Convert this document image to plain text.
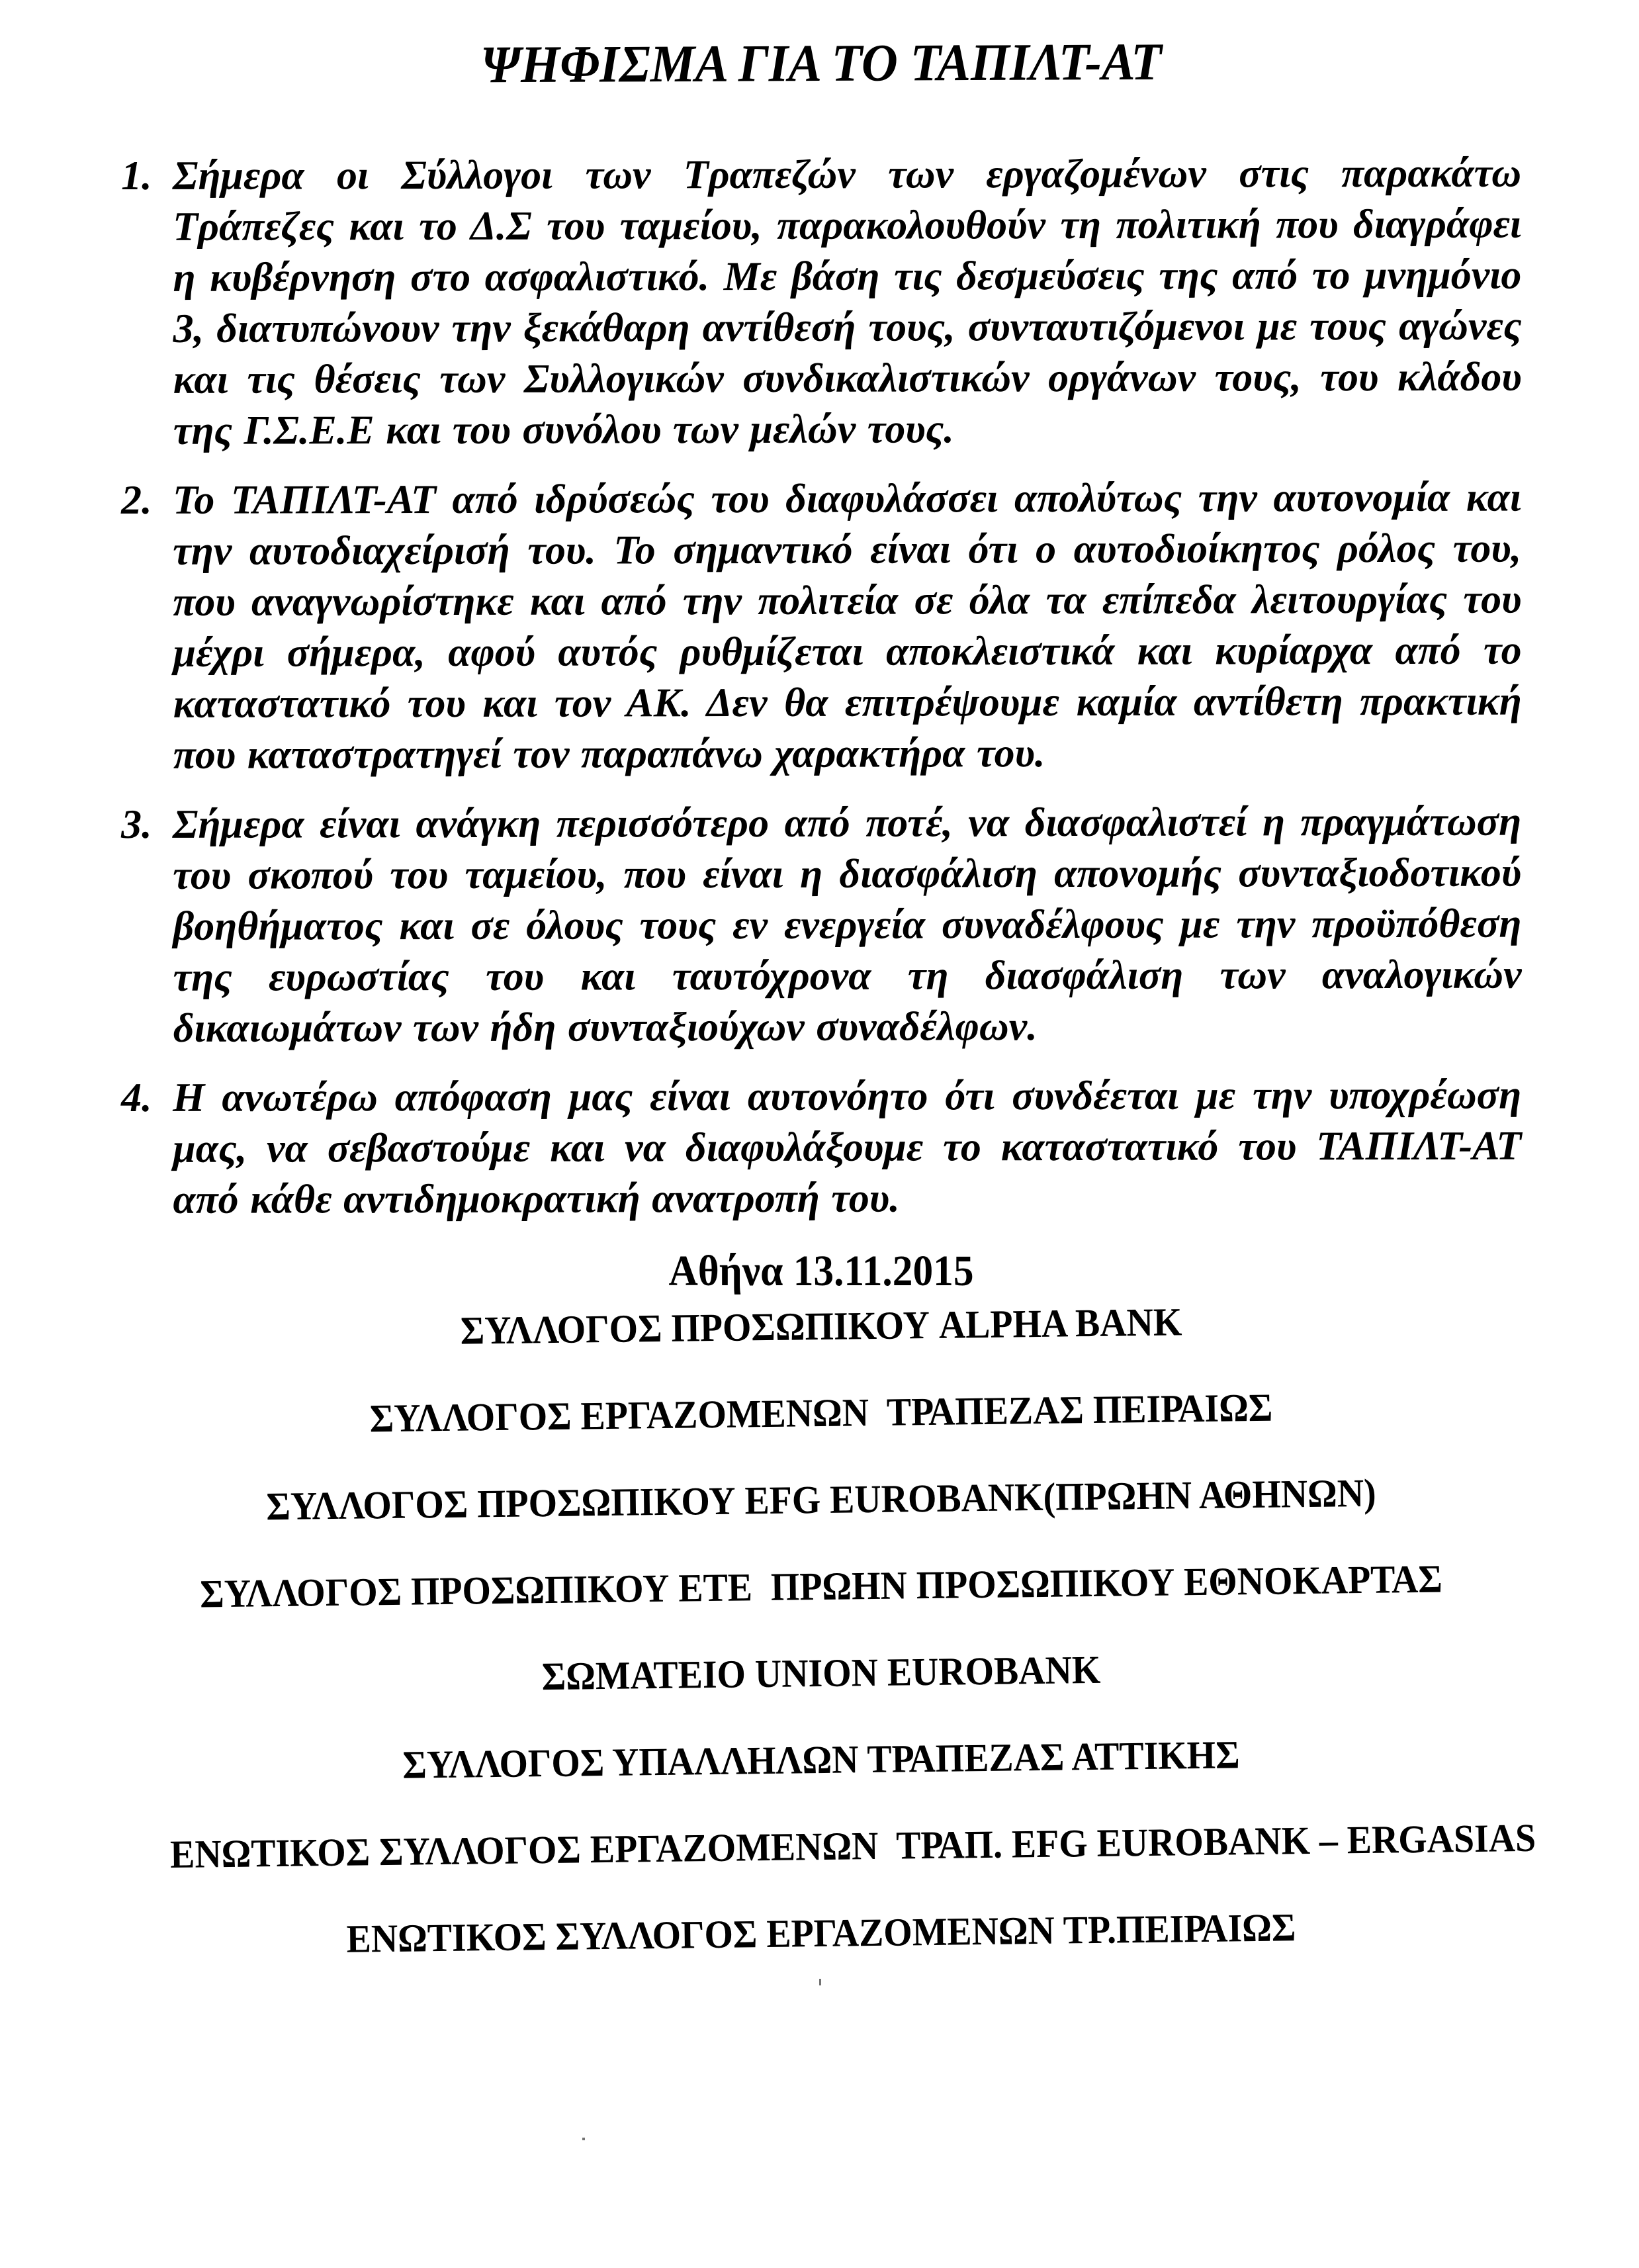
ΨΗΦΙΣΜΑ ΓΙΑ ΤΟ ΤΑΠΙΛΤ-ΑΤ
1. Σήμερα οι Σύλλογοι των Τραπεζών των εργαζομένων στις παρακάτω Τράπεζες και το Δ.Σ του ταμείου, παρακολουθούν τη πολιτική που διαγράφει η κυβέρνηση στο ασφαλιστικό. Με βάση τις δεσμεύσεις της από το μνημόνιο 3, διατυπώνουν την ξεκάθαρη αντίθεσή τους, συνταυτιζόμενοι με τους αγώνες και τις θέσεις των Συλλογικών συνδικαλιστικών οργάνων τους, του κλάδου της Γ.Σ.Ε.Ε και του συνόλου των μελών τους.
2. Το ΤΑΠΙΛΤ-ΑΤ από ιδρύσεώς του διαφυλάσσει απολύτως την αυτονομία και την αυτοδιαχείρισή του. Το σημαντικό είναι ότι ο αυτοδιοίκητος ρόλος του, που αναγνωρίστηκε και από την πολιτεία σε όλα τα επίπεδα λειτουργίας του μέχρι σήμερα, αφού αυτός ρυθμίζεται αποκλειστικά και κυρίαρχα από το καταστατικό του και τον ΑΚ. Δεν θα επιτρέψουμε καμία αντίθετη πρακτική που καταστρατηγεί τον παραπάνω χαρακτήρα του.
3. Σήμερα είναι ανάγκη περισσότερο από ποτέ, να διασφαλιστεί η πραγμάτωση του σκοπού του ταμείου, που είναι η διασφάλιση απονομής συνταξιοδοτικού βοηθήματος και σε όλους τους εν ενεργεία συναδέλφους με την προϋπόθεση της ευρωστίας του και ταυτόχρονα τη διασφάλιση των αναλογικών δικαιωμάτων των ήδη συνταξιούχων συναδέλφων.
4. Η ανωτέρω απόφαση μας είναι αυτονόητο ότι συνδέεται με την υποχρέωση μας, να σεβαστούμε και να διαφυλάξουμε το καταστατικό του ΤΑΠΙΛΤ-ΑΤ από κάθε αντιδημοκρατική ανατροπή του.
Αθήνα 13.11.2015
ΣΥΛΛΟΓΟΣ ΠΡΟΣΩΠΙΚΟΥ ALPHA BANK
ΣΥΛΛΟΓΟΣ ΕΡΓΑΖΟΜΕΝΩΝ  ΤΡΑΠΕΖΑΣ ΠΕΙΡΑΙΩΣ
ΣΥΛΛΟΓΟΣ ΠΡΟΣΩΠΙΚΟΥ EFG EUROBANK(ΠΡΩΗΝ ΑΘΗΝΩΝ)
ΣΥΛΛΟΓΟΣ ΠΡΟΣΩΠΙΚΟΥ ΕΤΕ  ΠΡΩΗΝ ΠΡΟΣΩΠΙΚΟΥ ΕΘΝΟΚΑΡΤΑΣ
ΣΩΜΑΤΕΙΟ UNION EUROBANK
ΣΥΛΛΟΓΟΣ ΥΠΑΛΛΗΛΩΝ ΤΡΑΠΕΖΑΣ ΑΤΤΙΚΗΣ
ΕΝΩΤΙΚΟΣ ΣΥΛΛΟΓΟΣ ΕΡΓΑΖΟΜΕΝΩΝ  ΤΡΑΠ. EFG EUROBANK – ERGASIAS
ΕΝΩΤΙΚΟΣ ΣΥΛΛΟΓΟΣ ΕΡΓΑΖΟΜΕΝΩΝ ΤΡ.ΠΕΙΡΑΙΩΣ
